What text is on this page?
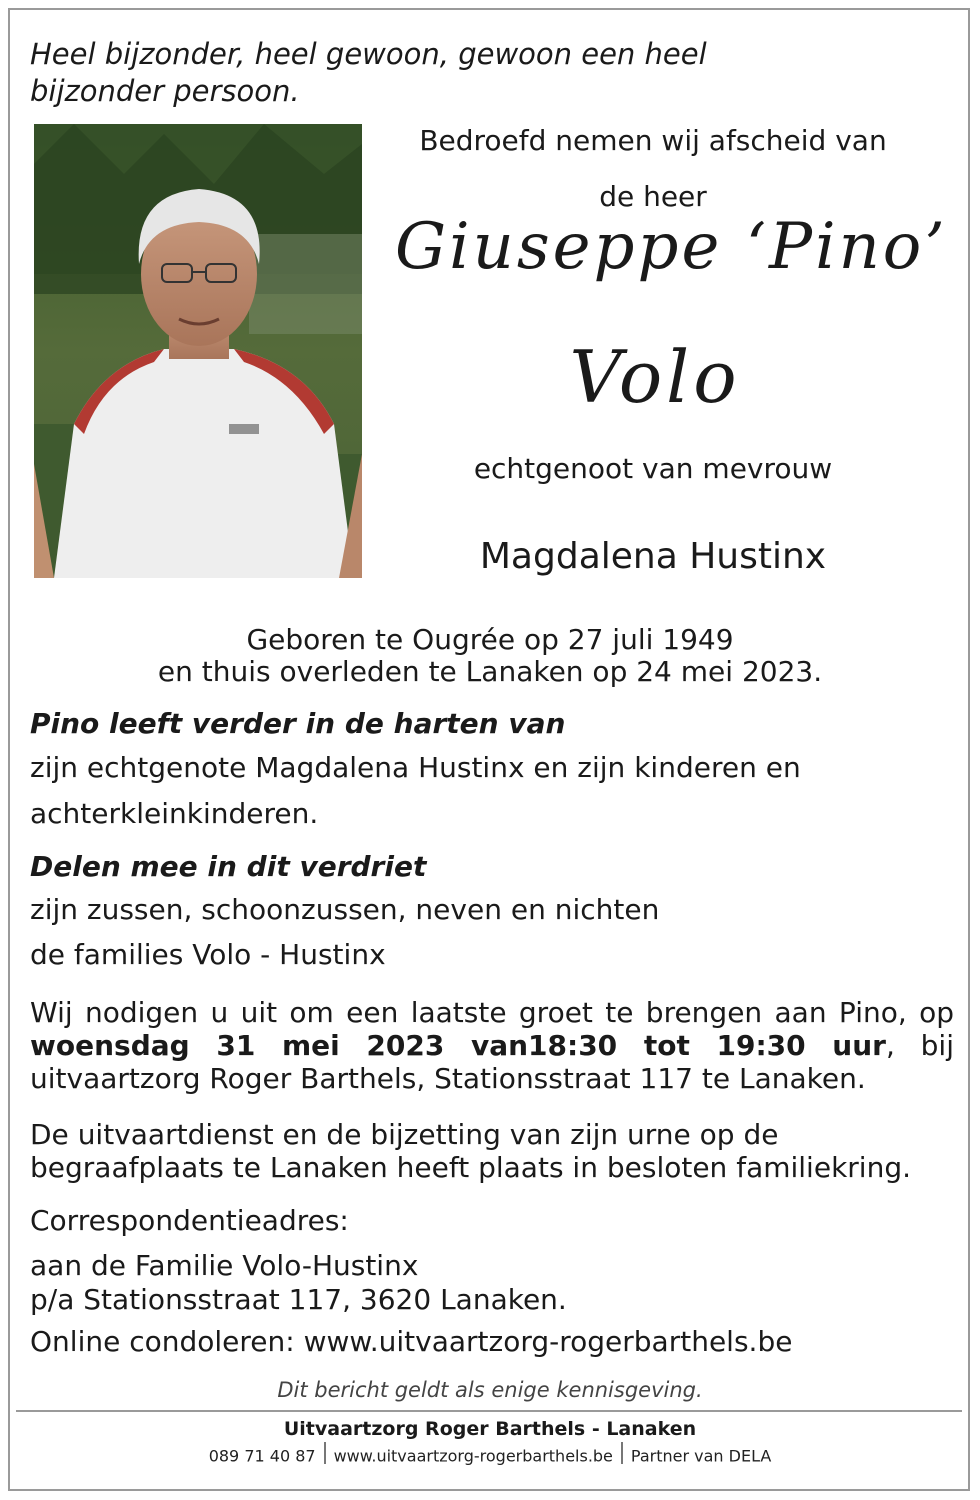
Heel bijzonder, heel gewoon, gewoon een heel bijzonder persoon.
Bedroefd nemen wij afscheid van
de heer
Giuseppe ‘Pino’
Volo
echtgenoot van mevrouw
Magdalena Hustinx
Geboren te Ougrée op 27 juli 1949
en thuis overleden te Lanaken op 24 mei 2023.
Pino leeft verder in de harten van
zijn echtgenote Magdalena Hustinx en zijn kinderen en
achterkleinkinderen.
Delen mee in dit verdriet
zijn zussen, schoonzussen, neven en nichten
de families Volo - Hustinx
Wij nodigen u uit om een laatste groet te brengen aan Pino, op woensdag 31 mei 2023 van18:30 tot 19:30 uur, bij uitvaartzorg Roger Barthels, Stationsstraat 117 te Lanaken.
De uitvaartdienst en de bijzetting van zijn urne op de begraafplaats te Lanaken heeft plaats in besloten familiekring.
Correspondentieadres:
aan de Familie Volo-Hustinx
p/a Stationsstraat 117, 3620 Lanaken.
Online condoleren: www.uitvaartzorg-rogerbarthels.be
Dit bericht geldt als enige kennisgeving.
Uitvaartzorg Roger Barthels - Lanaken
089 71 40 87 www.uitvaartzorg-rogerbarthels.be Partner van DELA
